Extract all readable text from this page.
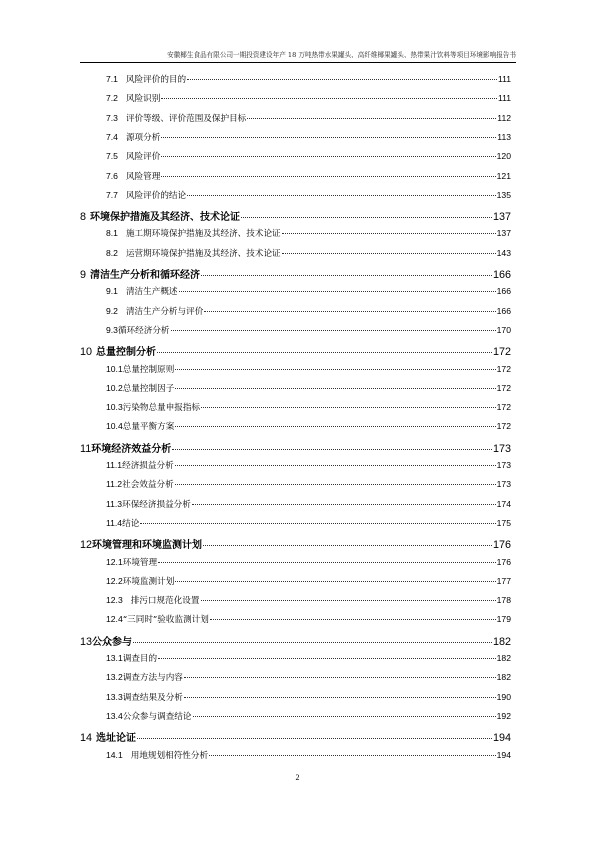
安徽椰生食品有限公司一期投资建设年产 18 万吨热带水果罐头、高纤维椰果罐头、热带果汁饮料等项目环境影响报告书
7.1 风险评价的目的	111
7.2 风险识别	111
7.3 评价等级、评价范围及保护目标	112
7.4 源项分析	113
7.5 风险评价	120
7.6 风险管理	121
7.7 风险评价的结论	135
8 环境保护措施及其经济、技术论证	137
8.1 施工期环境保护措施及其经济、技术论证	137
8.2 运营期环境保护措施及其经济、技术论证	143
9 清洁生产分析和循环经济	166
9.1 清洁生产概述	166
9.2 清洁生产分析与评价	166
9.3 循环经济分析	170
10 总量控制分析	172
10.1 总量控制原则	172
10.2 总量控制因子	172
10.3 污染物总量申报指标	172
10.4 总量平衡方案	172
11 环境经济效益分析	173
11.1 经济损益分析	173
11.2 社会效益分析	173
11.3 环保经济损益分析	174
11.4 结论	175
12 环境管理和环境监测计划	176
12.1 环境管理	176
12.2 环境监测计划	177
12.3 排污口规范化设置	178
12.4 “三同时”验收监测计划	179
13 公众参与	182
13.1 调查目的	182
13.2 调查方法与内容	182
13.3 调查结果及分析	190
13.4 公众参与调查结论	192
14 选址论证	194
14.1 用地规划相符性分析	194
2
